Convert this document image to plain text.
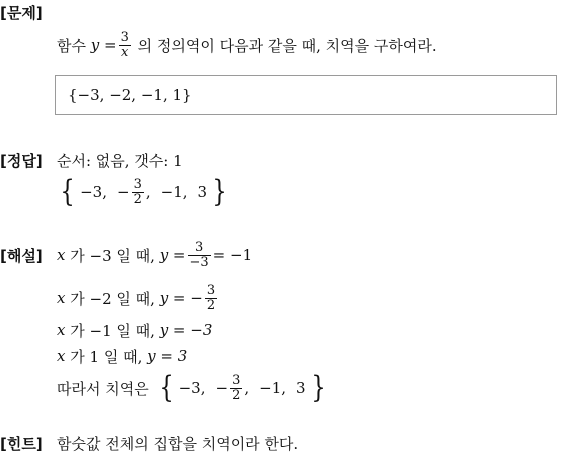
[문제]
함수
$y = \frac{3}{x}$
의 정의역이 다음과 같을 때, 치역을 구하여라.
{−3, −2, −1, 1}
[정답] 순서: 없음, 갯수: 1
{ −3, − $\frac{3}{2}$ , −1, 3 }
[해설] x
가 −3 일 때,
$y = \frac{3}{-3} = -1$
x
가 −2 일 때,
y = − $\frac{3}{2}$
x
가 −1 일 때,
y = −3
x
가 1 일 때,
y = 3
따라서 치역은
{ −3, − $\frac{3}{2}$ , −1, 3 }
[힌트] 함숫값 전체의 집합을 치역이라 한다.
